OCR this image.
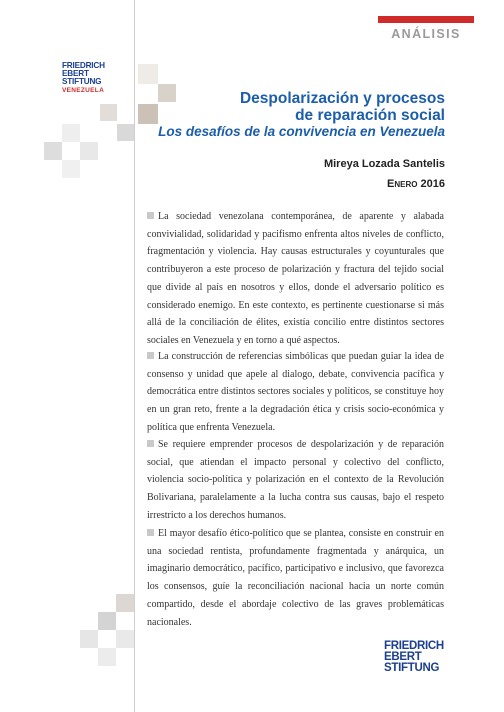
ANÁLISIS
FRIEDRICH
EBERT
STIFTUNG
VENEZUELA	Despolarización y procesos
de reparación social
Los desafíos de la convivencia en Venezuela
Mireya Lozada Santelis
Enero 2016
La sociedad venezolana contemporánea, de aparente y alabada convivialidad, solidaridad y pacifismo enfrenta altos niveles de conflicto, fragmentación y violencia. Hay causas estructurales y coyunturales que contribuyeron a este proceso de polarización y fractura del tejido social que divide al país en nosotros y ellos, donde el adversario político es considerado enemigo. En este contexto, es pertinente cuestionarse si más allá de la conciliación de élites, existía concilio entre distintos sectores sociales en Venezuela y en torno a qué aspectos.
La construcción de referencias simbólicas que puedan guiar la idea de consenso y unidad que apele al dialogo, debate, convivencia pacífica y democrática entre distintos sectores sociales y políticos, se constituye hoy en un gran reto, frente a la degradación ética y crisis socio-económica y política que enfrenta Venezuela.
Se requiere emprender procesos de despolarización y de reparación social, que atiendan el impacto personal y colectivo del conflicto, violencia socio-política y polarización en el contexto de la Revolución Bolivariana, paralelamente a la lucha contra sus causas, bajo el respeto irrestricto a los derechos humanos.
El mayor desafío ético-político que se plantea, consiste en construir en una sociedad rentista, profundamente fragmentada y anárquica, un imaginario democrático, pacífico, participativo e inclusivo, que favorezca los consensos, guíe la reconciliación nacional hacia un norte común compartido, desde el abordaje colectivo de las graves problemáticas nacionales.
FRIEDRICH
EBERT
STIFTUNG
